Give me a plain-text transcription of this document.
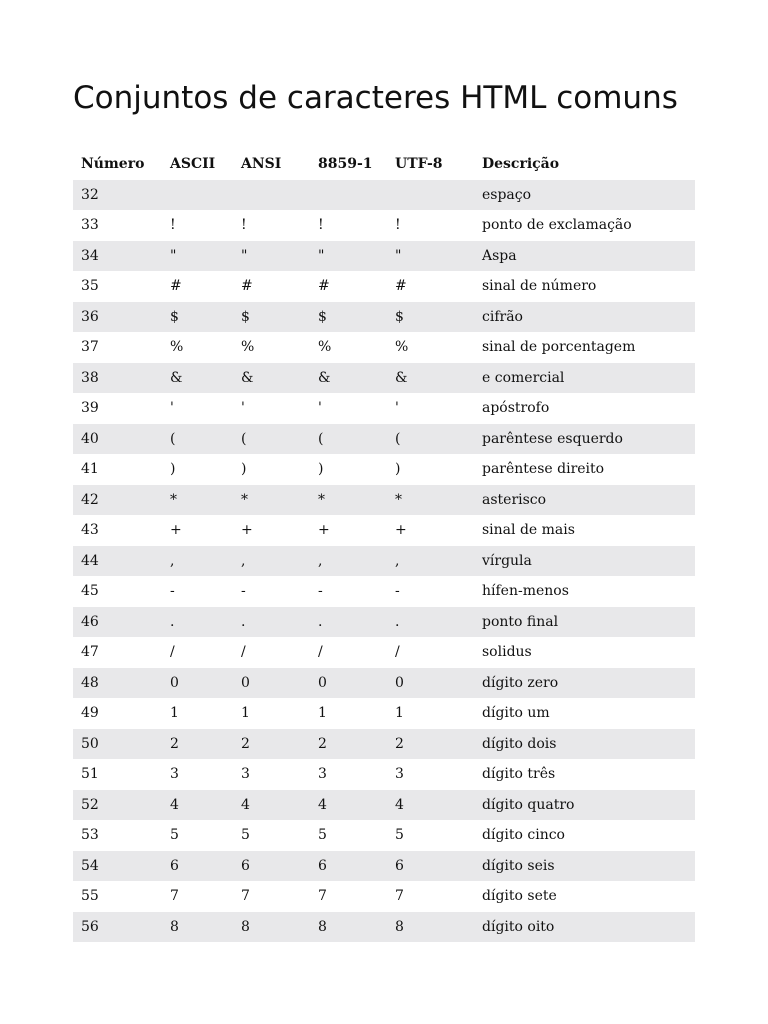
Conjuntos de caracteres HTML comuns
Número	ASCII	ANSI	8859-1	UTF-8	Descrição
32					espaço
33	!	!	!	!	ponto de exclamação
34	"	"	"	"	Aspa
35	#	#	#	#	sinal de número
36	$	$	$	$	cifrão
37	%	%	%	%	sinal de porcentagem
38	&	&	&	&	e comercial
39	'	'	'	'	apóstrofo
40	(	(	(	(	parêntese esquerdo
41	)	)	)	)	parêntese direito
42	*	*	*	*	asterisco
43	+	+	+	+	sinal de mais
44	,	,	,	,	vírgula
45	-	-	-	-	hífen-menos
46	.	.	.	.	ponto final
47	/	/	/	/	solidus
48	0	0	0	0	dígito zero
49	1	1	1	1	dígito um
50	2	2	2	2	dígito dois
51	3	3	3	3	dígito três
52	4	4	4	4	dígito quatro
53	5	5	5	5	dígito cinco
54	6	6	6	6	dígito seis
55	7	7	7	7	dígito sete
56	8	8	8	8	dígito oito
